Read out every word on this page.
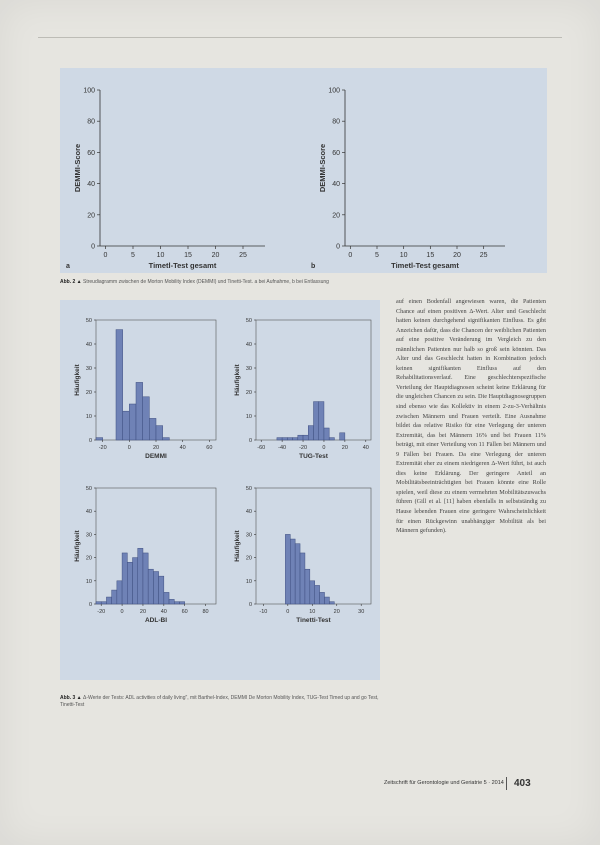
0
20
40
60
80
100
0	5	10	15	20	25
Timetl-Test gesamt
DEMMI-Score
a
0
20
40
60
80
100
0	5	10	15	20	25
Timetl-Test gesamt
DEMMI-Score
b
Abb. 2 ▲ Streudiagramm zwischen de Morton Mobility Index (DEMMI) und Tinetti-Test. a bei Aufnahme, b bei Entlassung
0
10
20
30
40
50
-20	0	20	40	60
DEMMI
Häufigkeit
0
10
20
30
40
50
-60 -40 -20	0	20	40
TUG-Test
Häufigkeit
0
10
20
30
40
50
-20	0	20	40	60	80
ADL-BI
Häufigkeit
0
10
20
30
40
50
-10	0	10	20	30
Tinetti-Test
Häufigkeit
Abb. 3 ▲ Δ-Werte der Tests: ADL activities of daily living", mit Barthel-Index, DEMMI De Morton Mobility Index, TUG-Test Timed up and go Test, Tinetti-Test
auf einen Bodenfall angewiesen waren, die Patienten Chance auf einen positiven Δ-Wert. Alter und Geschlecht hatten keinen durchgehend signifikanten Einfluss. Es gibt Anzeichen dafür, dass die Chancen der weiblichen Patienten auf eine positive Veränderung im Vergleich zu den männlichen Patienten nur halb so groß sein könnten. Das Alter und das Geschlecht hatten in Kombination jedoch keinen signifikanten Einfluss auf den Rehabilitationsverlauf. Eine geschlechterspezifische Verteilung der Hauptdiagnosen scheint keine Erklärung für die ungleichen Chancen zu sein. Die Hauptdiagnosegruppen sind ebenso wie das Kollektiv in einem 2-zu-3-Verhältnis zwischen Männern und Frauen verteilt. Eine Ausnahme bildet das relative Risiko für eine Verlegung der unteren Extremität, das bei Männern 16% und bei Frauen 11% beträgt, mit einer Verteilung von 11 Fällen bei Männern und 9 Fällen bei Frauen. Da eine Verlegung der unteren Extremität eher zu einem niedrigeren Δ-Wert führt, ist auch dies keine Erklärung. Der geringere Anteil an Mobilitätsbeeinträchtigten bei Frauen könnte eine Rolle spielen, weil diese zu einem vermehrten Mobilitätszuwachs führen (Gill et al. [11] haben ebenfalls in selbstständig zu Hause lebenden Frauen eine geringere Wahrscheinlichkeit für einen Rückgewinn unabhängiger Mobilität als bei Männern gefunden).
Zeitschrift für Gerontologie und Geriatrie 5 · 2014 403
